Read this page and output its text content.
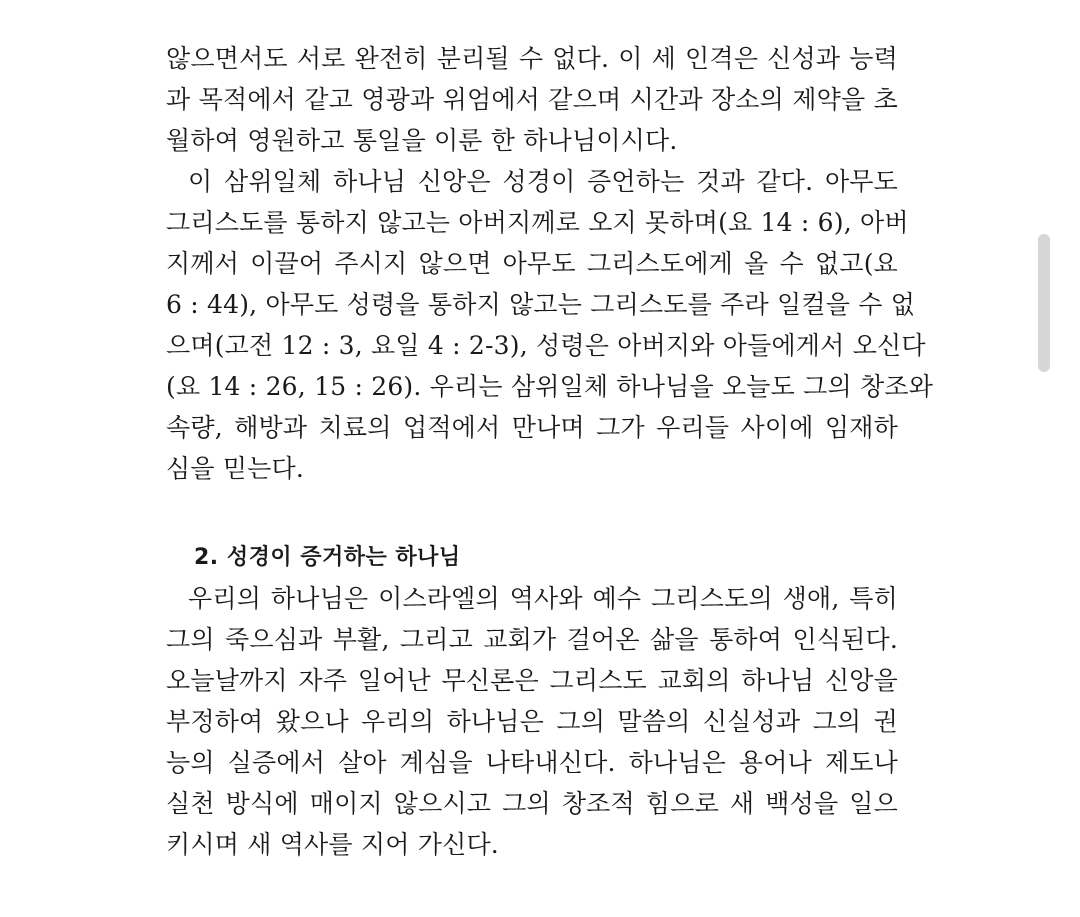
않으면서도 서로 완전히 분리될 수 없다. 이 세 인격은 신성과 능력
과 목적에서 같고 영광과 위엄에서 같으며 시간과 장소의 제약을 초
월하여 영원하고 통일을 이룬 한 하나님이시다.
이 삼위일체 하나님 신앙은 성경이 증언하는 것과 같다. 아무도
그리스도를 통하지 않고는 아버지께로 오지 못하며(요 14 : 6), 아버
지께서 이끌어 주시지 않으면 아무도 그리스도에게 올 수 없고(요
6 : 44), 아무도 성령을 통하지 않고는 그리스도를 주라 일컬을 수 없
으며(고전 12 : 3, 요일 4 : 2-3), 성령은 아버지와 아들에게서 오신다
(요 14 : 26, 15 : 26). 우리는 삼위일체 하나님을 오늘도 그의 창조와
속량, 해방과 치료의 업적에서 만나며 그가 우리들 사이에 임재하
심을 믿는다.
2. 성경이 증거하는 하나님
우리의 하나님은 이스라엘의 역사와 예수 그리스도의 생애, 특히
그의 죽으심과 부활, 그리고 교회가 걸어온 삶을 통하여 인식된다.
오늘날까지 자주 일어난 무신론은 그리스도 교회의 하나님 신앙을
부정하여 왔으나 우리의 하나님은 그의 말씀의 신실성과 그의 권
능의 실증에서 살아 계심을 나타내신다. 하나님은 용어나 제도나
실천 방식에 매이지 않으시고 그의 창조적 힘으로 새 백성을 일으
키시며 새 역사를 지어 가신다.
